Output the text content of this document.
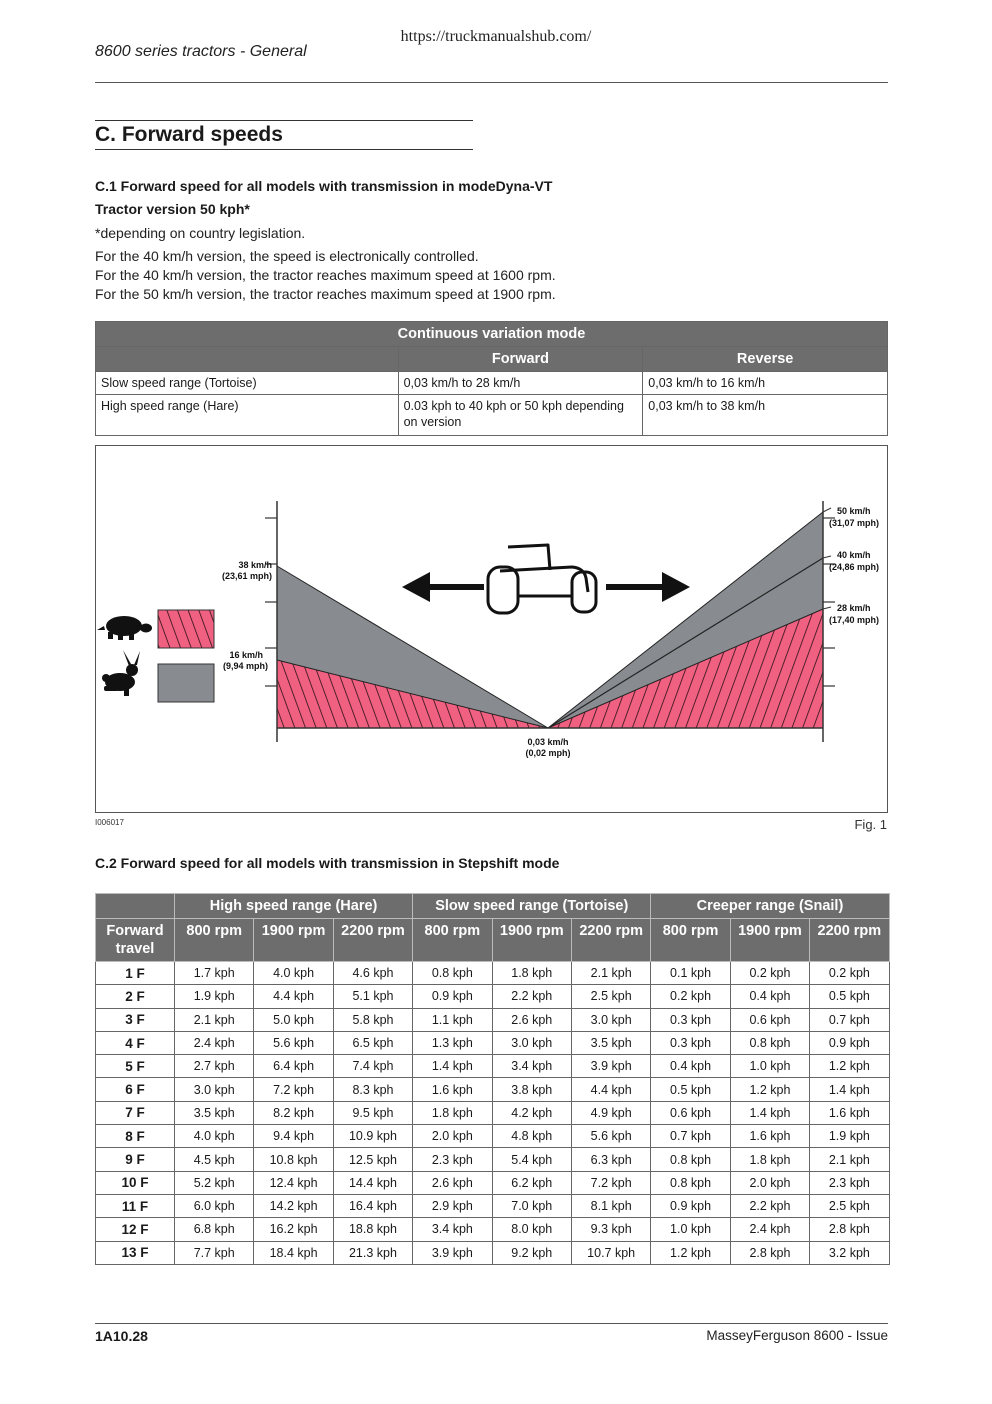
https://truckmanualshub.com/
8600 series tractors - General
C. Forward speeds
C.1 Forward speed for all models with transmission in modeDyna-VT
Tractor version 50 kph*
*depending on country legislation.
For the 40 km/h version, the speed is electronically controlled.
For the 40 km/h version, the tractor reaches maximum speed at 1600 rpm.
For the 50 km/h version, the tractor reaches maximum speed at 1900 rpm.
Continuous variation mode		
	Forward	Reverse
Slow speed range (Tortoise)	0,03 km/h to 28 km/h	0,03 km/h to 16 km/h
High speed range (Hare)	0.03 kph to 40 kph or 50 kph depending on version	0,03 km/h to 38 km/h
38 km/h
(23,61 mph)
16 km/h
(9,94 mph)
50 km/h
(31,07 mph)
40 km/h
(24,86 mph)
28 km/h
(17,40 mph)
0,03 km/h
(0,02 mph)
I006017	Fig. 1
C.2 Forward speed for all models with transmission in Stepshift mode
	High speed range (Hare)			Slow speed range (Tortoise)			Creeper range (Snail)		
Forward travel	800 rpm	1900 rpm	2200 rpm	800 rpm	1900 rpm	2200 rpm	800 rpm	1900 rpm	2200 rpm
1 F	1.7 kph	4.0 kph	4.6 kph	0.8 kph	1.8 kph	2.1 kph	0.1 kph	0.2 kph	0.2 kph
2 F	1.9 kph	4.4 kph	5.1 kph	0.9 kph	2.2 kph	2.5 kph	0.2 kph	0.4 kph	0.5 kph
3 F	2.1 kph	5.0 kph	5.8 kph	1.1 kph	2.6 kph	3.0 kph	0.3 kph	0.6 kph	0.7 kph
4 F	2.4 kph	5.6 kph	6.5 kph	1.3 kph	3.0 kph	3.5 kph	0.3 kph	0.8 kph	0.9 kph
5 F	2.7 kph	6.4 kph	7.4 kph	1.4 kph	3.4 kph	3.9 kph	0.4 kph	1.0 kph	1.2 kph
6 F	3.0 kph	7.2 kph	8.3 kph	1.6 kph	3.8 kph	4.4 kph	0.5 kph	1.2 kph	1.4 kph
7 F	3.5 kph	8.2 kph	9.5 kph	1.8 kph	4.2 kph	4.9 kph	0.6 kph	1.4 kph	1.6 kph
8 F	4.0 kph	9.4 kph	10.9 kph	2.0 kph	4.8 kph	5.6 kph	0.7 kph	1.6 kph	1.9 kph
9 F	4.5 kph	10.8 kph	12.5 kph	2.3 kph	5.4 kph	6.3 kph	0.8 kph	1.8 kph	2.1 kph
10 F	5.2 kph	12.4 kph	14.4 kph	2.6 kph	6.2 kph	7.2 kph	0.8 kph	2.0 kph	2.3 kph
11 F	6.0 kph	14.2 kph	16.4 kph	2.9 kph	7.0 kph	8.1 kph	0.9 kph	2.2 kph	2.5 kph
12 F	6.8 kph	16.2 kph	18.8 kph	3.4 kph	8.0 kph	9.3 kph	1.0 kph	2.4 kph	2.8 kph
13 F	7.7 kph	18.4 kph	21.3 kph	3.9 kph	9.2 kph	10.7 kph	1.2 kph	2.8 kph	3.2 kph
1A10.28	MasseyFerguson 8600 - Issue
